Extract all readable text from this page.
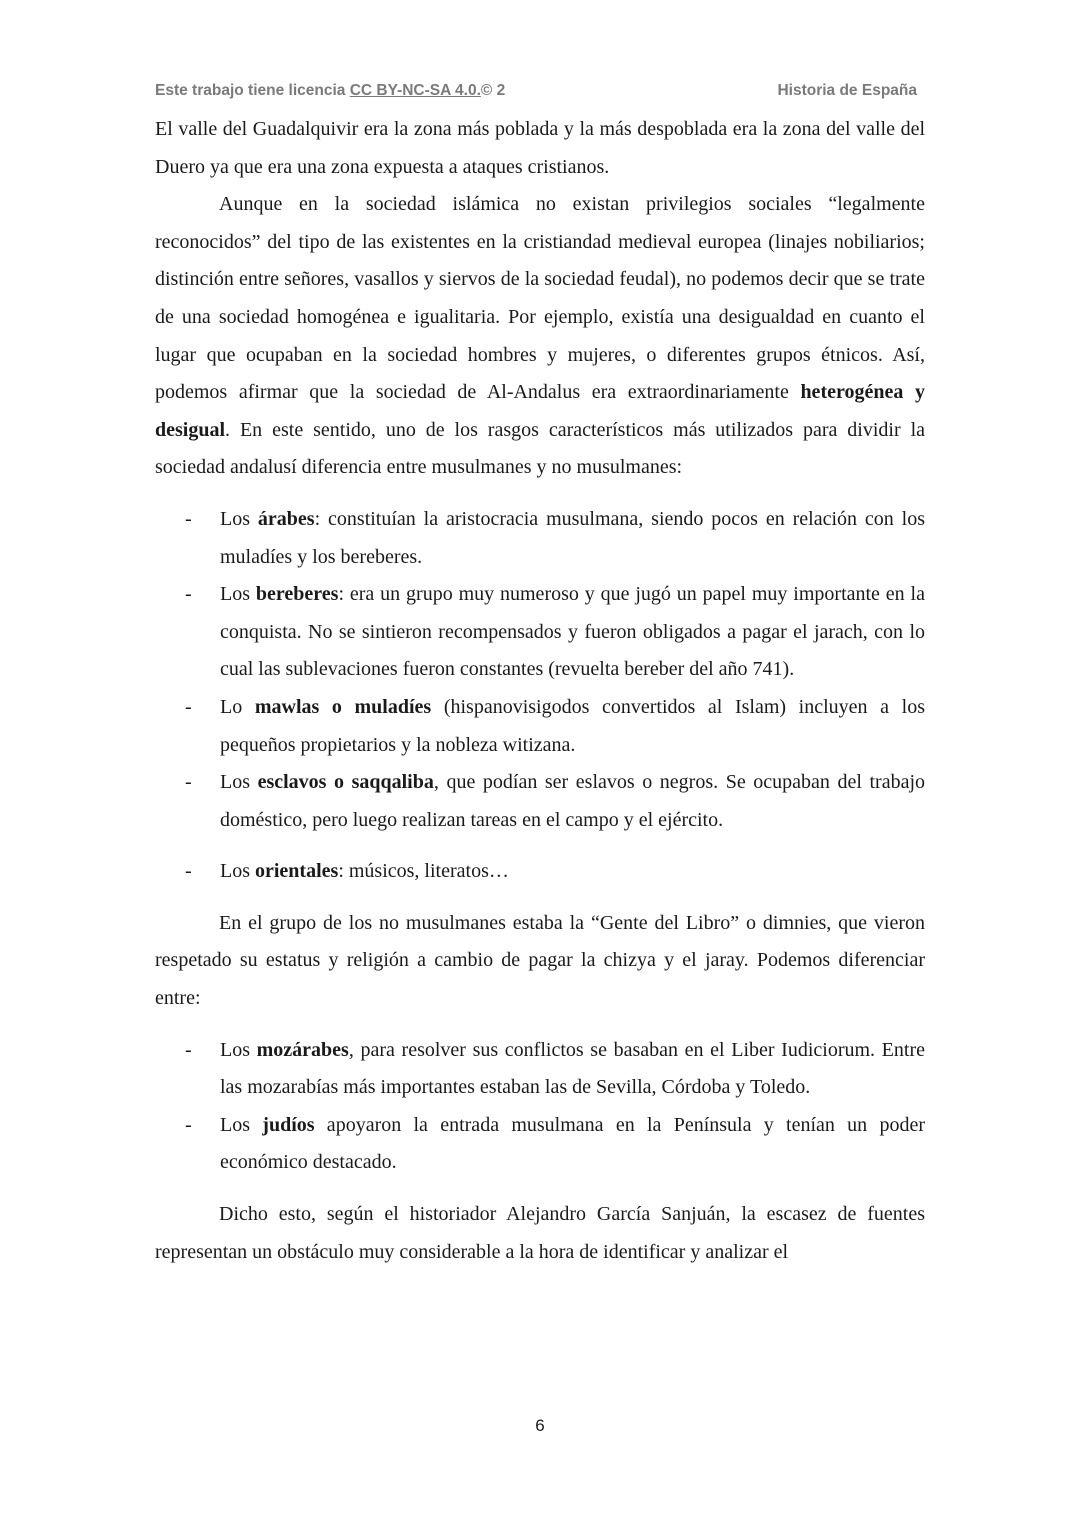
Este trabajo tiene licencia CC BY-NC-SA 4.0.© 2	Historia de España

El valle del Guadalquivir era la zona más poblada y la más despoblada era la zona del valle del Duero ya que era una zona expuesta a ataques cristianos.

Aunque en la sociedad islámica no existan privilegios sociales “legalmente reconocidos” del tipo de las existentes en la cristiandad medieval europea (linajes nobiliarios; distinción entre señores, vasallos y siervos de la sociedad feudal), no podemos decir que se trate de una sociedad homogénea e igualitaria. Por ejemplo, existía una desigualdad en cuanto el lugar que ocupaban en la sociedad hombres y mujeres, o diferentes grupos étnicos. Así, podemos afirmar que la sociedad de Al-Andalus era extraordinariamente heterogénea y desigual. En este sentido, uno de los rasgos característicos más utilizados para dividir la sociedad andalusí diferencia entre musulmanes y no musulmanes:

- Los árabes: constituían la aristocracia musulmana, siendo pocos en relación con los muladíes y los bereberes.
- Los bereberes: era un grupo muy numeroso y que jugó un papel muy importante en la conquista. No se sintieron recompensados y fueron obligados a pagar el jarach, con lo cual las sublevaciones fueron constantes (revuelta bereber del año 741).
- Lo mawlas o muladíes (hispanovisigodos convertidos al Islam) incluyen a los pequeños propietarios y la nobleza witizana.
- Los esclavos o saqqaliba, que podían ser eslavos o negros. Se ocupaban del trabajo doméstico, pero luego realizan tareas en el campo y el ejército.
- Los orientales: músicos, literatos…

En el grupo de los no musulmanes estaba la “Gente del Libro” o dimnies, que vieron respetado su estatus y religión a cambio de pagar la chizya y el jaray. Podemos diferenciar entre:

- Los mozárabes, para resolver sus conflictos se basaban en el Liber Iudiciorum. Entre las mozarabías más importantes estaban las de Sevilla, Córdoba y Toledo.
- Los judíos apoyaron la entrada musulmana en la Península y tenían un poder económico destacado.

Dicho esto, según el historiador Alejandro García Sanjuán, la escasez de fuentes representan un obstáculo muy considerable a la hora de identificar y analizar el

6
